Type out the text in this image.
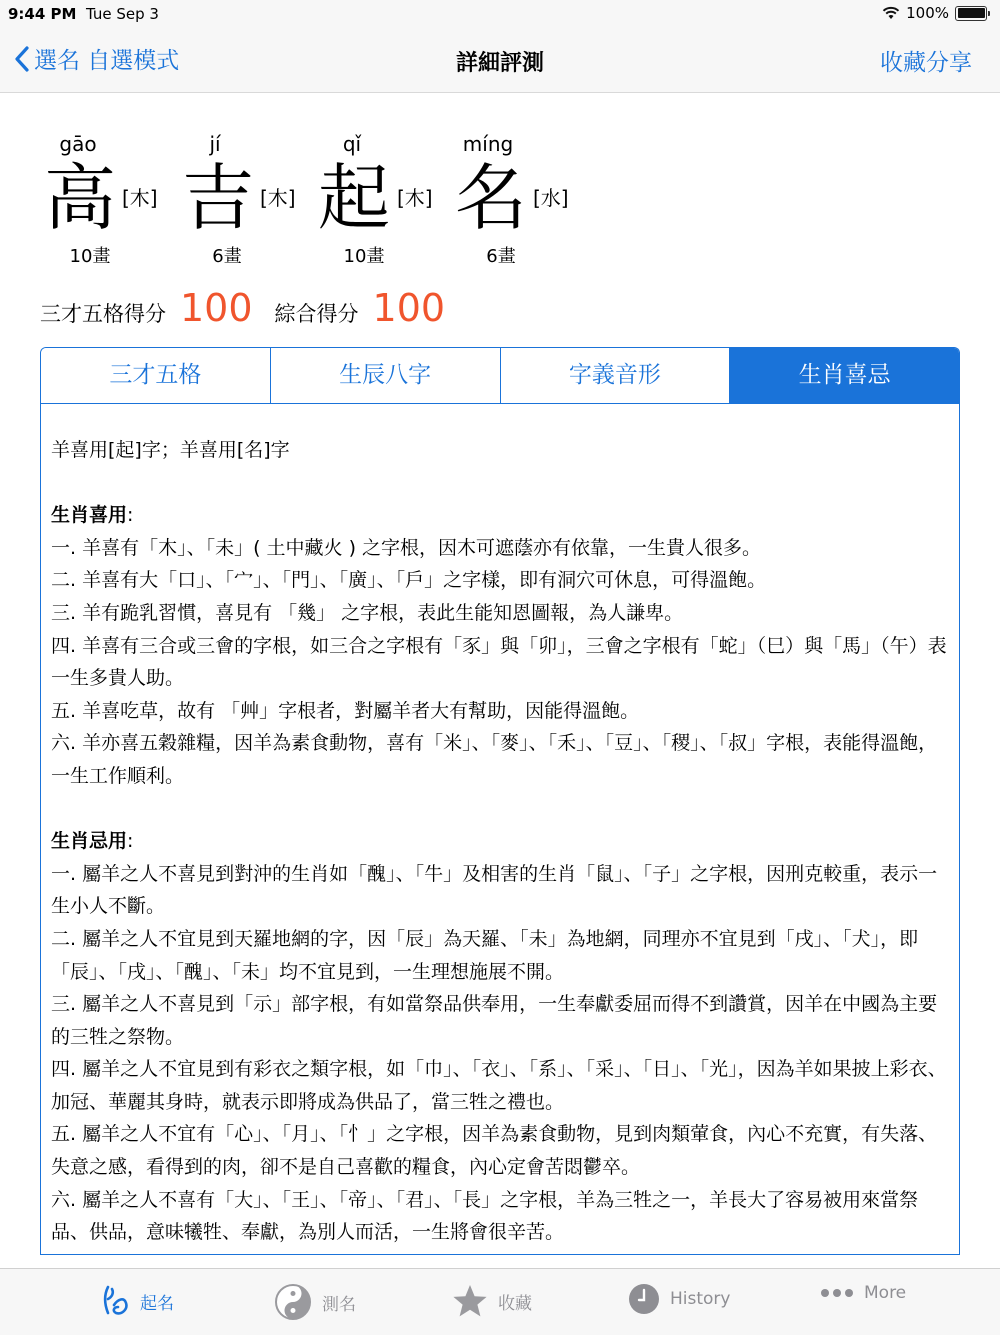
9:44 PM Tue Sep 3	100%
選名 自選模式	詳細評測	收藏分享
gāo
高 [木]
10畫
jí
吉 [木]
6畫
qǐ
起 [木]
10畫
míng
名 [水]
6畫
三才五格得分 100 綜合得分 100
三才五格	生辰八字	字義音形	生肖喜忌

羊喜用[起]字；羊喜用[名]字

生肖喜用:

一. 羊喜有「木」、「未」( 土中藏火 ) 之字根，因木可遮蔭亦有依靠，一生貴人很多。

二. 羊喜有大「口」、「宀」、「門」、「廣」、「戶」之字樣，即有洞穴可休息，可得溫飽。

三. 羊有跪乳習慣，喜見有 「幾」 之字根，表此生能知恩圖報，為人謙卑。

四. 羊喜有三合或三會的字根，如三合之字根有「豕」與「卯」，三會之字根有「蛇」（巳）與「馬」（午）表一生多貴人助。

五. 羊喜吃草，故有 「艸」字根者，對屬羊者大有幫助，因能得溫飽。

六. 羊亦喜五穀雜糧，因羊為素食動物，喜有「米」、「麥」、「禾」、「豆」、「稷」、「叔」字根，表能得溫飽，一生工作順利。

生肖忌用:

一. 屬羊之人不喜見到對沖的生肖如「醜」、「牛」及相害的生肖「鼠」、「子」之字根，因刑克較重，表示一生小人不斷。

二. 屬羊之人不宜見到天羅地網的字，因「辰」為天羅、「未」為地網，同理亦不宜見到「戌」、「犬」，即「辰」、「戌」、「醜」、「未」均不宜見到，一生理想施展不開。

三. 屬羊之人不喜見到「示」部字根，有如當祭品供奉用，一生奉獻委屈而得不到讚賞，因羊在中國為主要的三牲之祭物。

四. 屬羊之人不宜見到有彩衣之類字根，如「巾」、「衣」、「系」、「采」、「日」、「光」，因為羊如果披上彩衣、加冠、華麗其身時，就表示即將成為供品了，當三牲之禮也。

五. 屬羊之人不宜有「心」、「月」、「忄」之字根，因羊為素食動物，見到肉類葷食，內心不充實，有失落、失意之感，看得到的肉，卻不是自己喜歡的糧食，內心定會苦悶鬱卒。

六. 屬羊之人不喜有「大」、「王」、「帝」、「君」、「長」之字根，羊為三牲之一，羊長大了容易被用來當祭品、供品，意味犧牲、奉獻，為別人而活，一生將會很辛苦。

起名	測名	收藏	History	More
